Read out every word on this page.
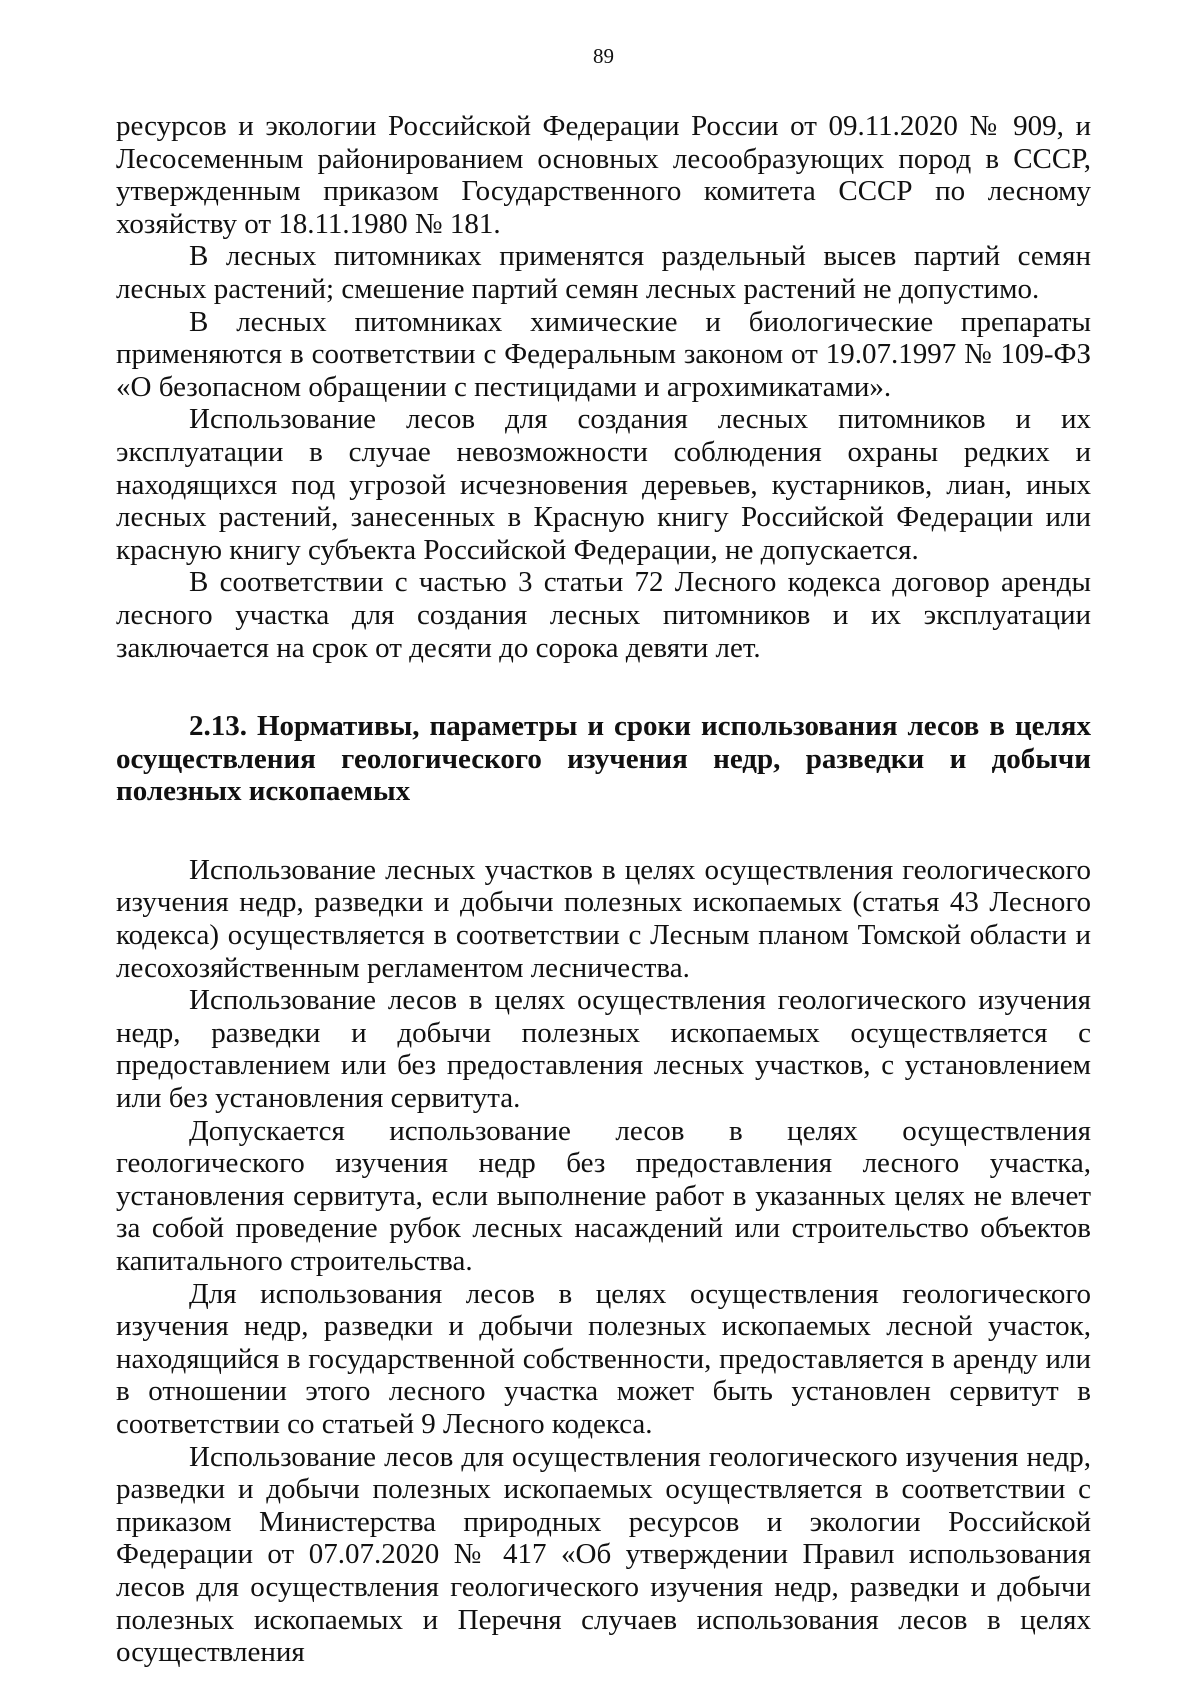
89

ресурсов и экологии Российской Федерации России от 09.11.2020 № 909, и Лесосеменным районированием основных лесообразующих пород в СССР, утвержденным приказом Государственного комитета СССР по лесному хозяйству от 18.11.1980 № 181.

В лесных питомниках применятся раздельный высев партий семян лесных растений; смешение партий семян лесных растений не допустимо.

В лесных питомниках химические и биологические препараты применяются в соответствии с Федеральным законом от 19.07.1997 № 109-ФЗ «О безопасном обращении с пестицидами и агрохимикатами».

Использование лесов для создания лесных питомников и их эксплуатации в случае невозможности соблюдения охраны редких и находящихся под угрозой исчезновения деревьев, кустарников, лиан, иных лесных растений, занесенных в Красную книгу Российской Федерации или красную книгу субъекта Российской Федерации, не допускается.

В соответствии с частью 3 статьи 72 Лесного кодекса договор аренды лесного участка для создания лесных питомников и их эксплуатации заключается на срок от десяти до сорока девяти лет.

2.13. Нормативы, параметры и сроки использования лесов в целях осуществления геологического изучения недр, разведки и добычи полезных ископаемых

Использование лесных участков в целях осуществления геологического изучения недр, разведки и добычи полезных ископаемых (статья 43 Лесного кодекса) осуществляется в соответствии с Лесным планом Томской области и лесохозяйственным регламентом лесничества.

Использование лесов в целях осуществления геологического изучения недр, разведки и добычи полезных ископаемых осуществляется с предоставлением или без предоставления лесных участков, с установлением или без установления сервитута.

Допускается использование лесов в целях осуществления геологического изучения недр без предоставления лесного участка, установления сервитута, если выполнение работ в указанных целях не влечет за собой проведение рубок лесных насаждений или строительство объектов капитального строительства.

Для использования лесов в целях осуществления геологического изучения недр, разведки и добычи полезных ископаемых лесной участок, находящийся в государственной собственности, предоставляется в аренду или в отношении этого лесного участка может быть установлен сервитут в соответствии со статьей 9 Лесного кодекса.

Использование лесов для осуществления геологического изучения недр, разведки и добычи полезных ископаемых осуществляется в соответствии с приказом Министерства природных ресурсов и экологии Российской Федерации от 07.07.2020 № 417 «Об утверждении Правил использования лесов для осуществления геологического изучения недр, разведки и добычи полезных ископаемых и Перечня случаев использования лесов в целях осуществления
